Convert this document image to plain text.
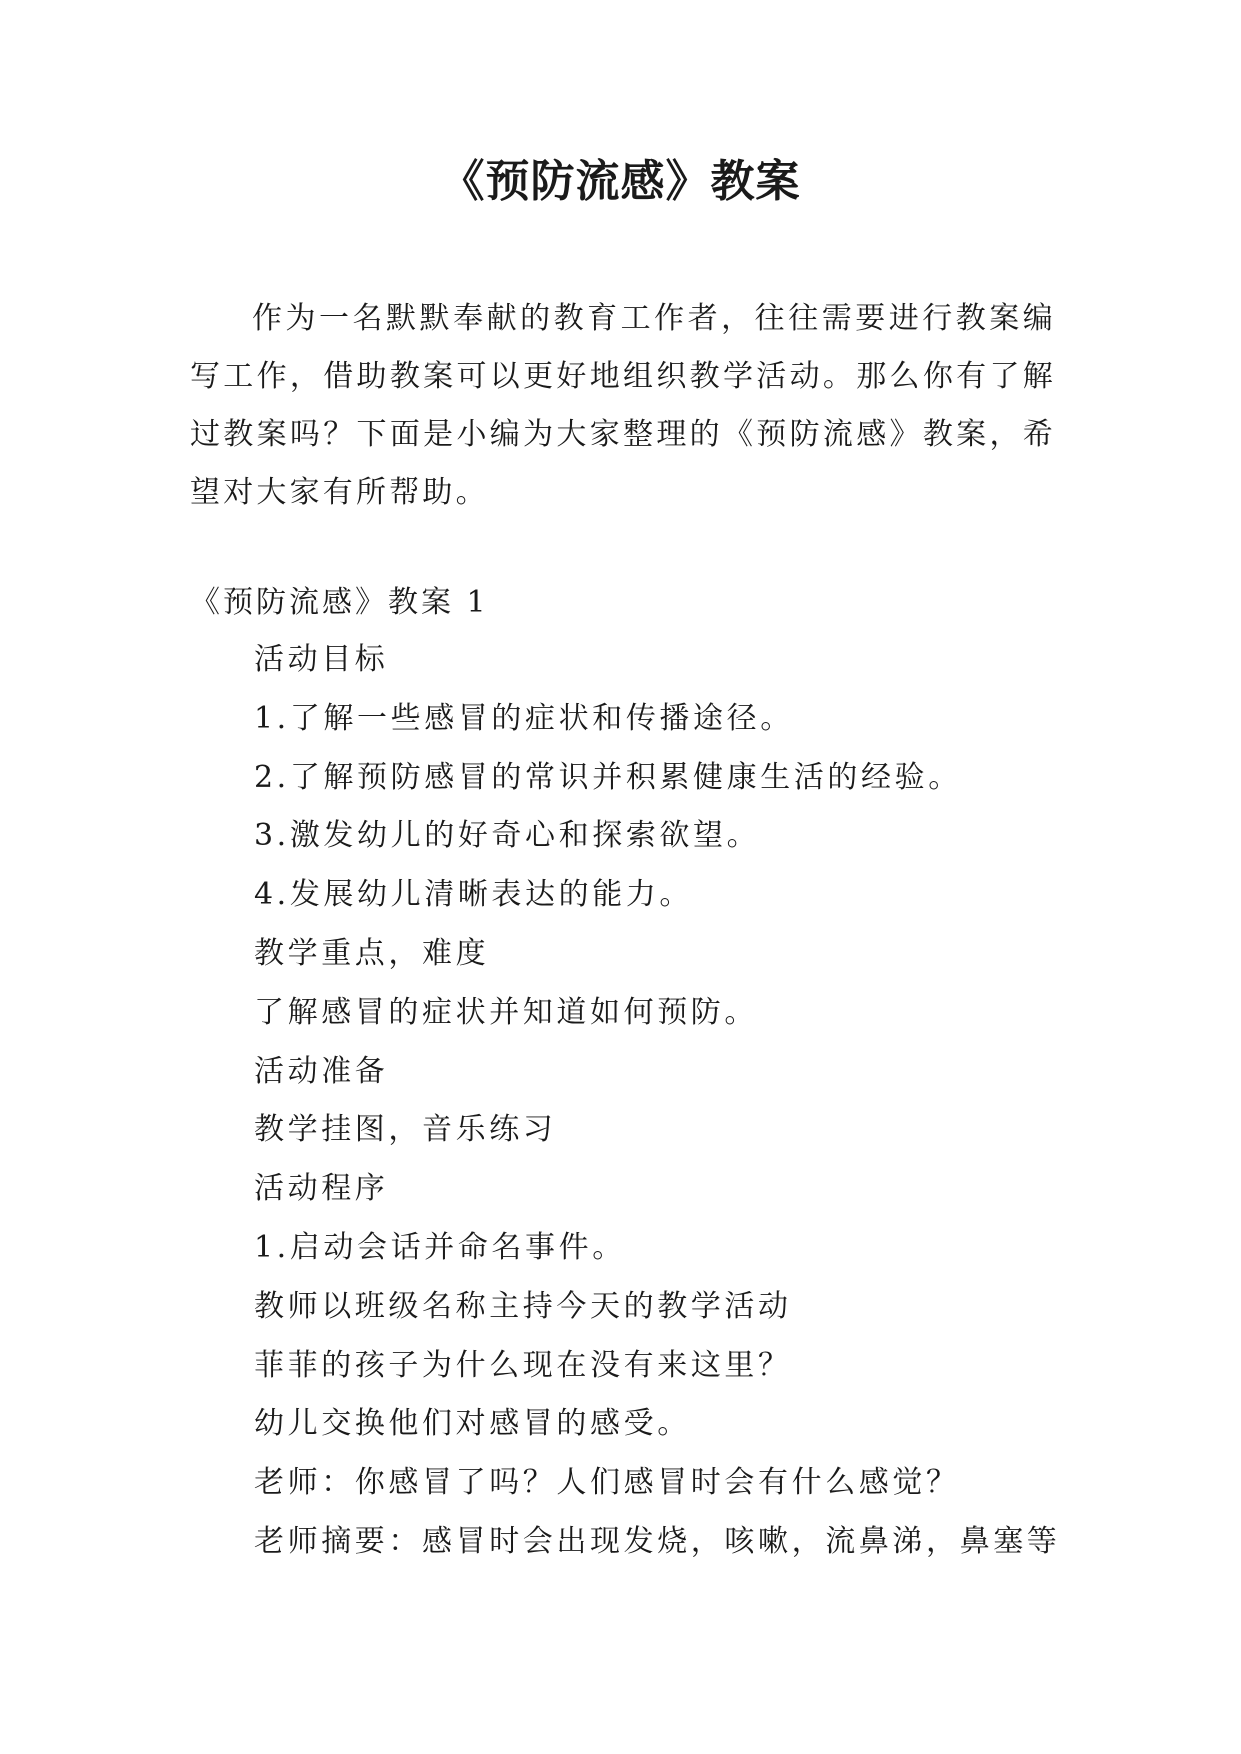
《预防流感》教案

作为一名默默奉献的教育工作者，往往需要进行教案编写工作，借助教案可以更好地组织教学活动。那么你有了解过教案吗？下面是小编为大家整理的《预防流感》教案，希望对大家有所帮助。

《预防流感》教案 1
活动目标
1.了解一些感冒的症状和传播途径。
2.了解预防感冒的常识并积累健康生活的经验。
3.激发幼儿的好奇心和探索欲望。
4.发展幼儿清晰表达的能力。
教学重点，难度
了解感冒的症状并知道如何预防。
活动准备
教学挂图，音乐练习
活动程序
1.启动会话并命名事件。
教师以班级名称主持今天的教学活动
菲菲的孩子为什么现在没有来这里？
幼儿交换他们对感冒的感受。
老师：你感冒了吗？人们感冒时会有什么感觉？
老师摘要：感冒时会出现发烧，咳嗽，流鼻涕，鼻塞等
